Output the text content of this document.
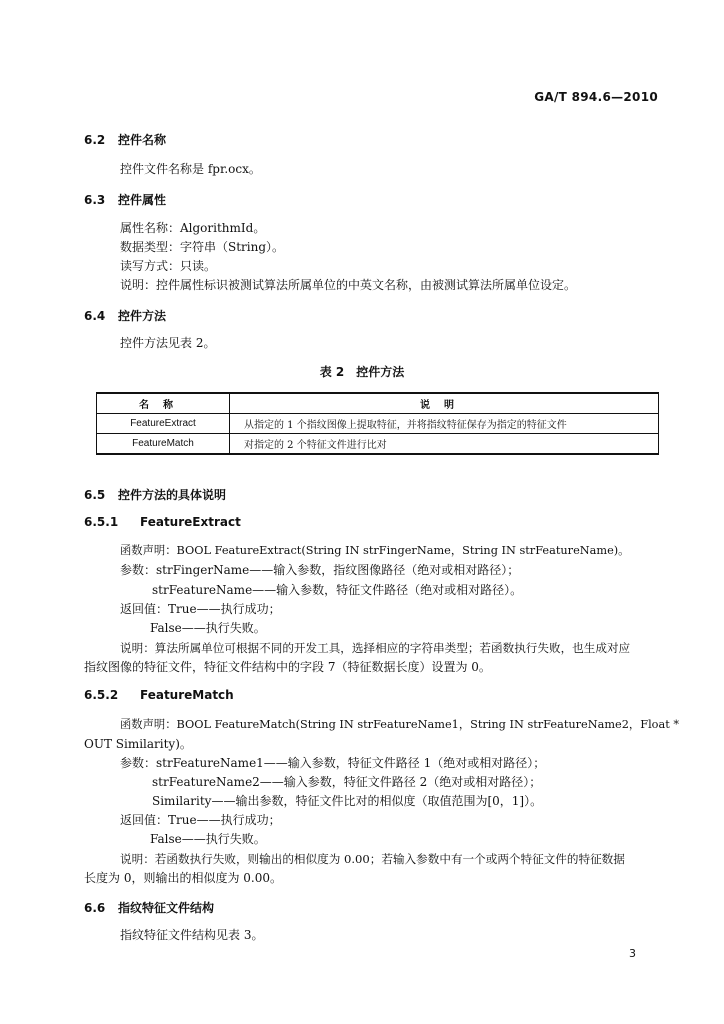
GA/T 894.6—2010
6.2 控件名称
控件文件名称是 fpr.ocx。
6.3 控件属性
属性名称：AlgorithmId。
数据类型：字符串（String）。
读写方式：只读。
说明：控件属性标识被测试算法所属单位的中英文名称，由被测试算法所属单位设定。
6.4 控件方法
控件方法见表 2。
表 2　控件方法
名称	说明
FeatureExtract	从指定的 1 个指纹图像上提取特征，并将指纹特征保存为指定的特征文件
FeatureMatch	对指定的 2 个特征文件进行比对
6.5 控件方法的具体说明
6.5.1 FeatureExtract
函数声明：BOOL FeatureExtract(String IN strFingerName，String IN strFeatureName)。
参数：strFingerName——输入参数，指纹图像路径（绝对或相对路径）；
strFeatureName——输入参数，特征文件路径（绝对或相对路径）。
返回值：True——执行成功；
False——执行失败。
说明：算法所属单位可根据不同的开发工具，选择相应的字符串类型；若函数执行失败，也生成对应
指纹图像的特征文件，特征文件结构中的字段 7（特征数据长度）设置为 0。
6.5.2 FeatureMatch
函数声明：BOOL FeatureMatch(String IN strFeatureName1，String IN strFeatureName2，Float *
OUT Similarity)。
参数：strFeatureName1——输入参数，特征文件路径 1（绝对或相对路径）；
strFeatureName2——输入参数，特征文件路径 2（绝对或相对路径）；
Similarity——输出参数，特征文件比对的相似度（取值范围为[0，1]）。
返回值：True——执行成功；
False——执行失败。
说明：若函数执行失败，则输出的相似度为 0.00；若输入参数中有一个或两个特征文件的特征数据
长度为 0，则输出的相似度为 0.00。
6.6 指纹特征文件结构
指纹特征文件结构见表 3。
3
